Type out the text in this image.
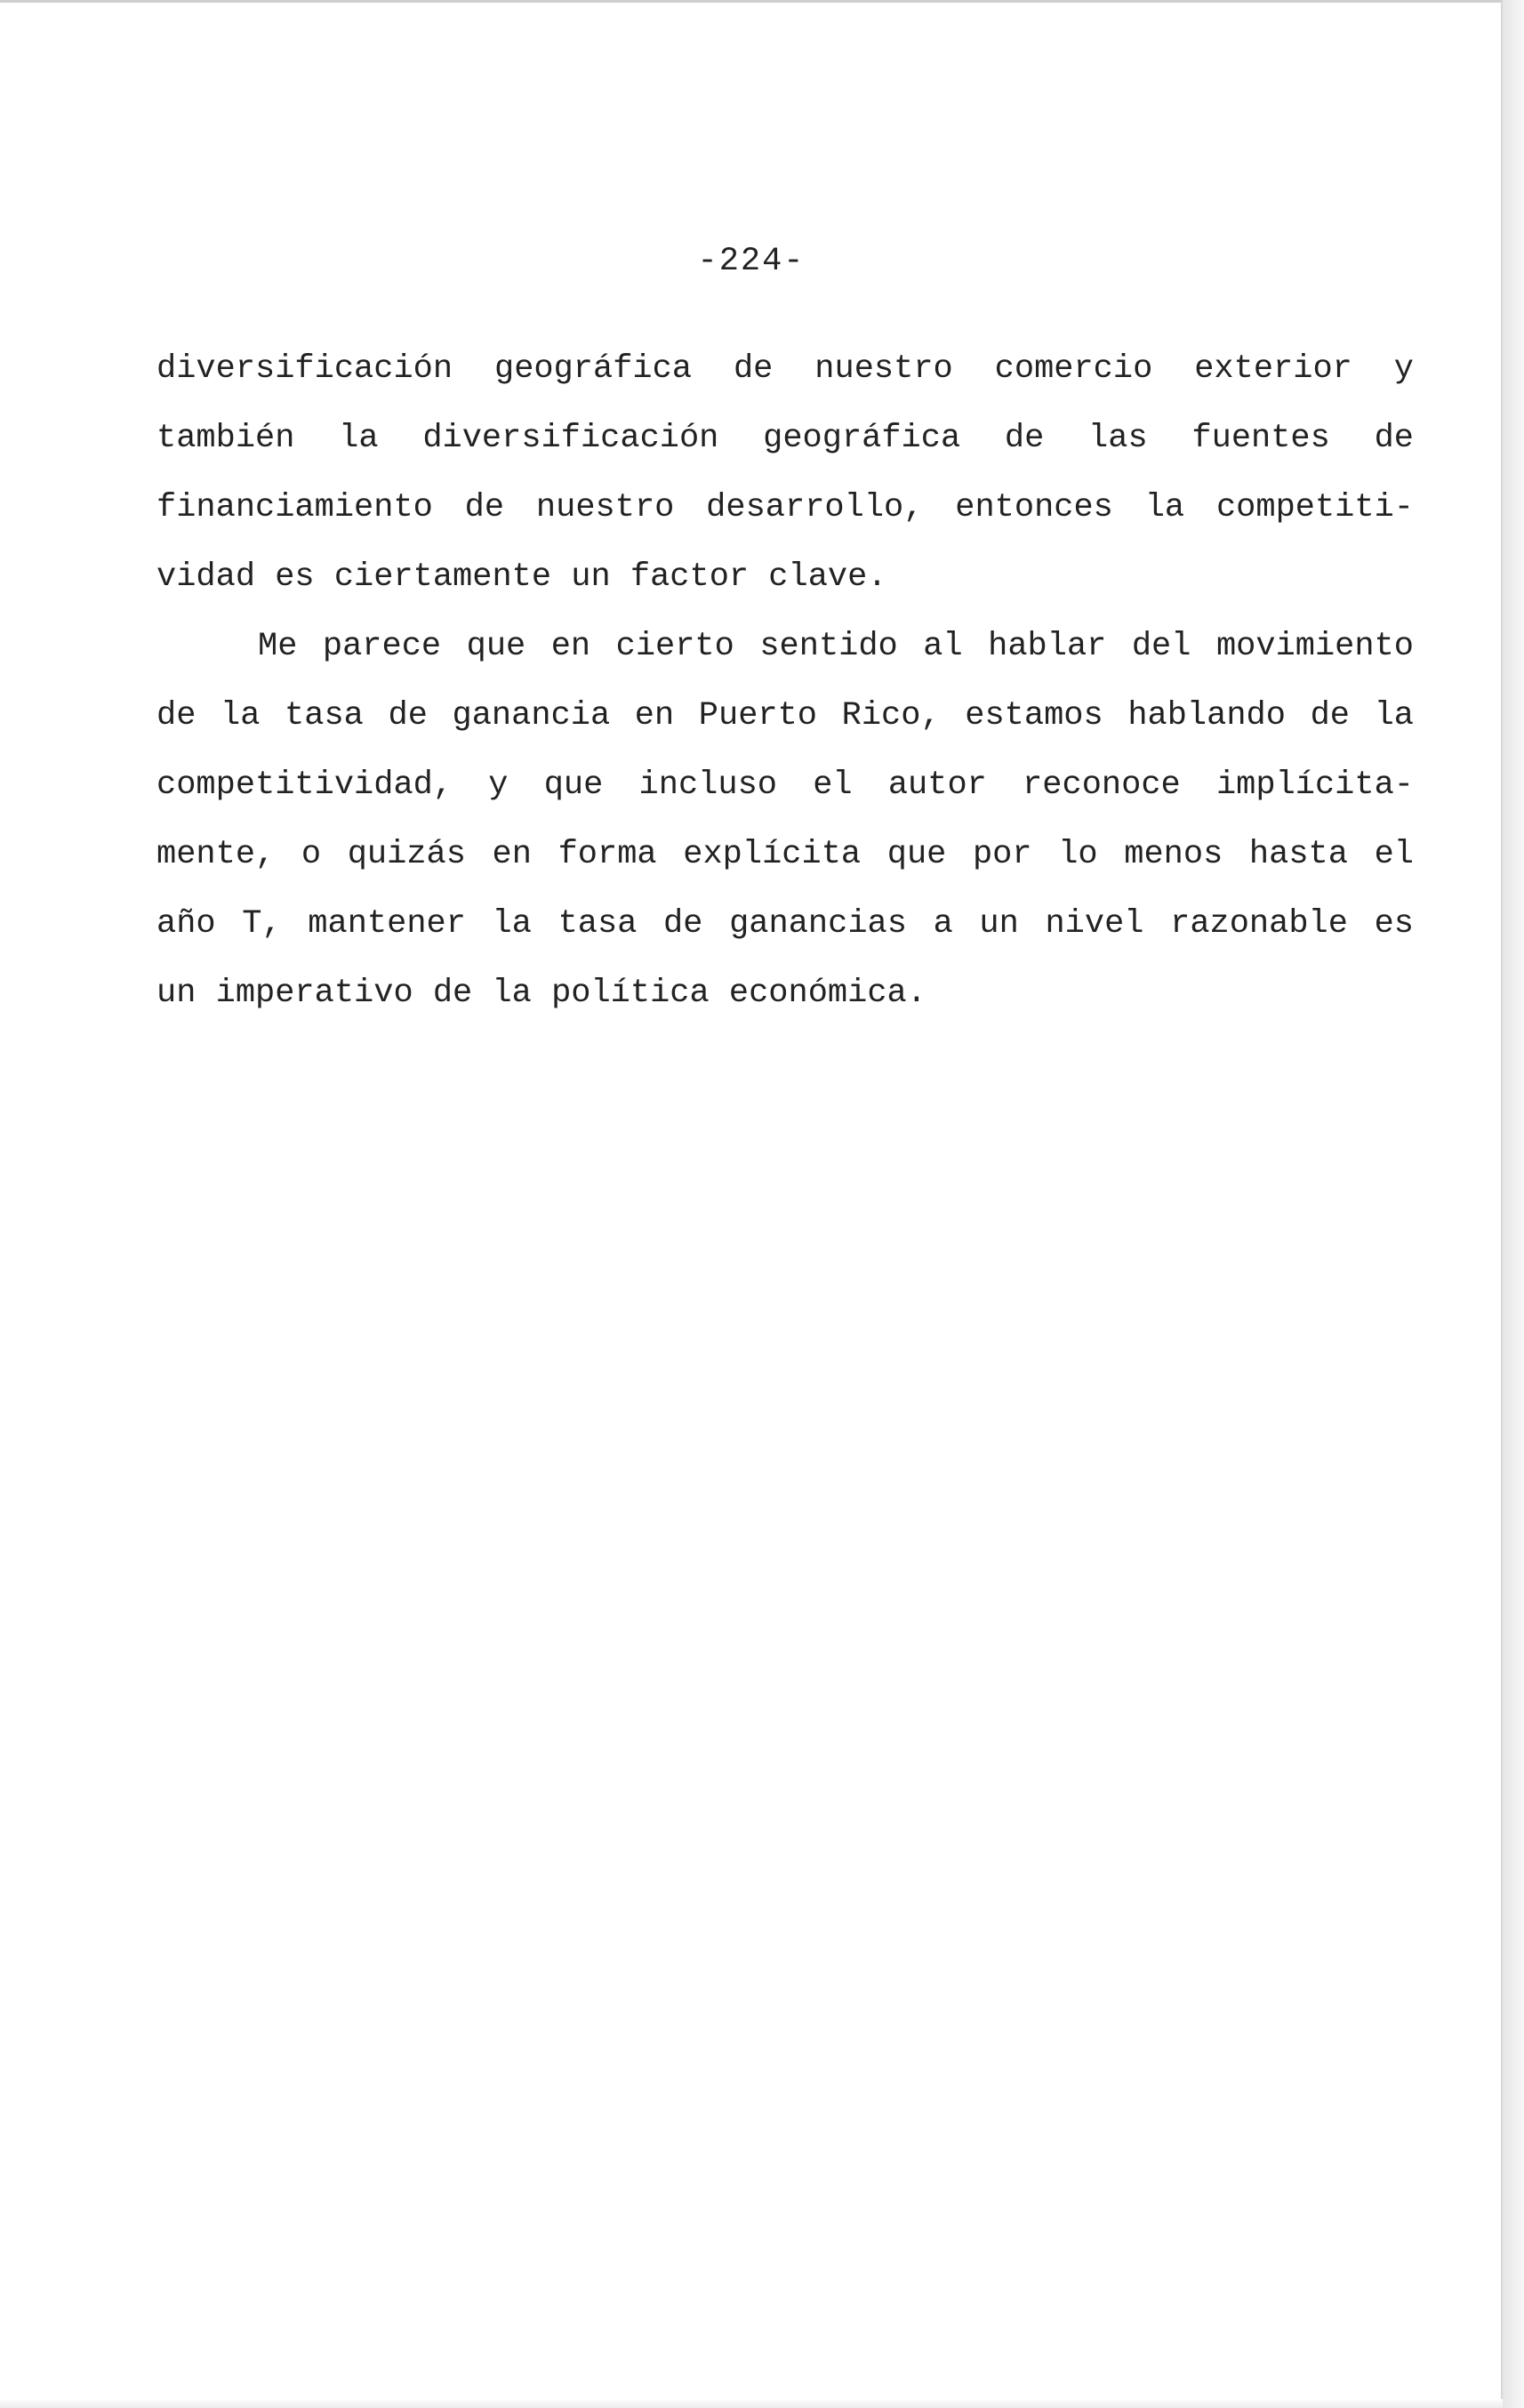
-224-
diversificación geográfica de nuestro comercio exterior y
también la diversificación geográfica de las fuentes de
financiamiento de nuestro desarrollo, entonces la competiti-
vidad es ciertamente un factor clave.
Me parece que en cierto sentido al hablar del movimiento
de la tasa de ganancia en Puerto Rico, estamos hablando de la
competitividad, y que incluso el autor reconoce implícita-
mente, o quizás en forma explícita que por lo menos hasta el
año T, mantener la tasa de ganancias a un nivel razonable es
un imperativo de la política económica.
